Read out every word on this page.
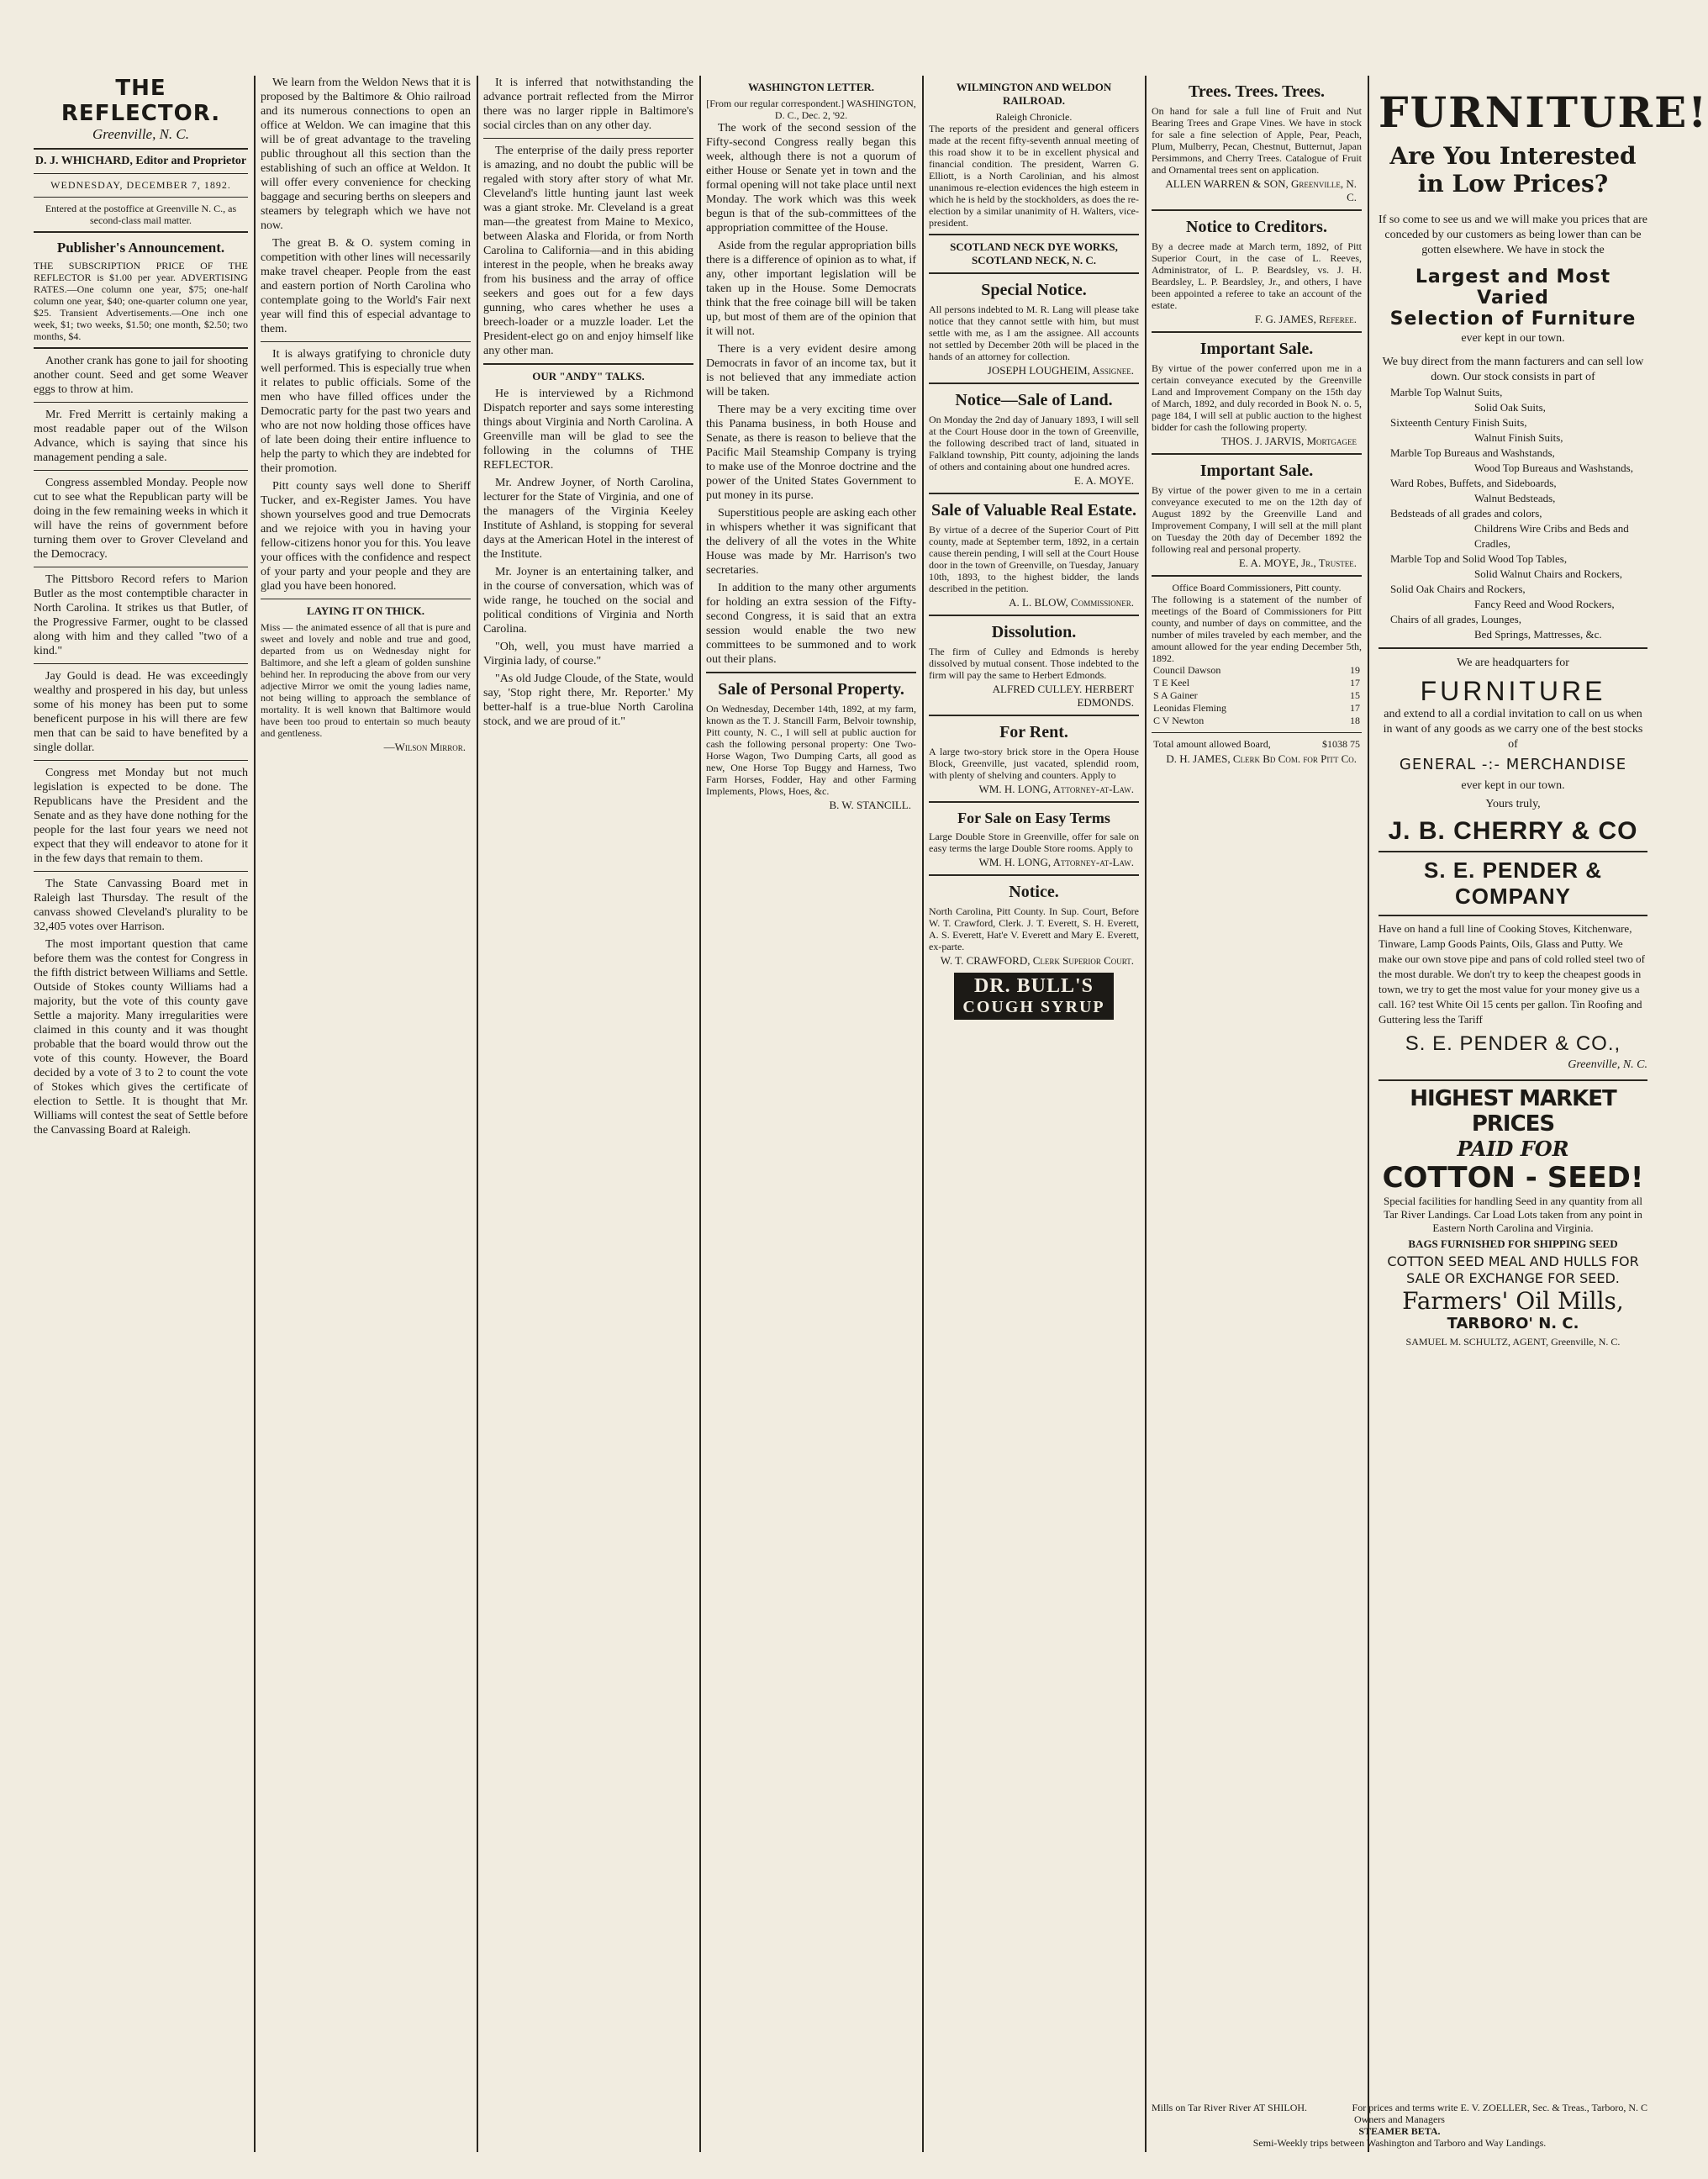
THE REFLECTOR.
Greenville, N. C.
D. J. WHICHARD, Editor and Proprietor
WEDNESDAY, DECEMBER 7, 1892.
Entered at the postoffice at Greenville N. C., as second-class mail matter.
Publisher's Announcement.
THE SUBSCRIPTION PRICE OF THE REFLECTOR is $1.00 per year. ADVERTISING RATES.—One column one year, $75; one-half column one year, $40; one-quarter column one year, $25. Transient Advertisements.—One inch one week, $1; two weeks, $1.50; one month, $2.50; two months, $4.

Another crank has gone to jail for shooting another count. Seed and get some Weaver eggs to throw at him.

Mr. Fred Merritt is certainly making a most readable paper out of the Wilson Advance, which is saying that since his management pending a sale.

Congress assembled Monday. People now cut to see what the Republican party will be doing in the few remaining weeks in which it will have the reins of government before turning them over to Grover Cleveland and the Democracy.

The Pittsboro Record refers to Marion Butler as the most contemptible character in North Carolina. It strikes us that Butler, of the Progressive Farmer, ought to be classed along with him and they called "two of a kind."

Jay Gould is dead. He was exceedingly wealthy and prospered in his day, but unless some of his money has been put to some beneficent purpose in his will there are few men that can be said to have benefited by a single dollar.

Congress met Monday but not much legislation is expected to be done. The Republicans have the President and the Senate and as they have done nothing for the people for the last four years we need not expect that they will endeavor to atone for it in the few days that remain to them.

The State Canvassing Board met in Raleigh last Thursday. The result of the canvass showed Cleveland's plurality to be 32,405 votes over Harrison.

The most important question that came before them was the contest for Congress in the fifth district between Williams and Settle. Outside of Stokes county Williams had a majority, but the vote of this county gave Settle a majority. Many irregularities were claimed in this county and it was thought probable that the board would throw out the vote of this county. However, the Board decided by a vote of 3 to 2 to count the vote of Stokes which gives the certificate of election to Settle. It is thought that Mr. Williams will contest the seat of Settle before the Canvassing Board at Raleigh.

We learn from the Weldon News that it is proposed by the Baltimore & Ohio railroad and its numerous connections to open an office at Weldon. We can imagine that this will be of great advantage to the traveling public throughout all this section than the establishing of such an office at Weldon. It will offer every convenience for checking baggage and securing berths on sleepers and steamers by telegraph which we have not now.

The great B. & O. system coming in competition with other lines will necessarily make travel cheaper. People from the east and eastern portion of North Carolina who contemplate going to the World's Fair next year will find this of especial advantage to them.

It is always gratifying to chronicle duty well performed. This is especially true when it relates to public officials. Some of the men who have filled offices under the Democratic party for the past two years and who are not now holding those offices have of late been doing their entire influence to help the party to which they are indebted for their promotion.

Pitt county says well done to Sheriff Tucker, and ex-Register James. You have shown yourselves good and true Democrats and we rejoice with you in having your fellow-citizens honor you for this. You leave your offices with the confidence and respect of your party and your people and they are glad you have been honored.

LAYING IT ON THICK.
Miss — the animated essence of all that is pure and sweet and lovely and noble and true and good, departed from us on Wednesday night for Baltimore, and she left a gleam of golden sunshine behind her. In reproducing the above from our very adjective Mirror we omit the young ladies name, not being willing to approach the semblance of mortality. It is well known that Baltimore would have been too proud to entertain so much beauty and gentleness.
—Wilson Mirror.

It is inferred that notwithstanding the advance portrait reflected from the Mirror there was no larger ripple in Baltimore's social circles than on any other day.

The enterprise of the daily press reporter is amazing, and no doubt the public will be regaled with story after story of what Mr. Cleveland's little hunting jaunt last week was a giant stroke. Mr. Cleveland is a great man—the greatest from Maine to Mexico, between Alaska and Florida, or from North Carolina to California—and in this abiding interest in the people, when he breaks away from his business and the array of office seekers and goes out for a few days gunning, who cares whether he uses a breech-loader or a muzzle loader. Let the President-elect go on and enjoy himself like any other man.

OUR "ANDY" TALKS.

He is interviewed by a Richmond Dispatch reporter and says some interesting things about Virginia and North Carolina. A Greenville man will be glad to see the following in the columns of THE REFLECTOR.

Mr. Andrew Joyner, of North Carolina, lecturer for the State of Virginia, and one of the managers of the Virginia Keeley Institute of Ashland, is stopping for several days at the American Hotel in the interest of the Institute.

Mr. Joyner is an entertaining talker, and in the course of conversation, which was of wide range, he touched on the social and political conditions of Virginia and North Carolina.

"Oh, well, you must have married a Virginia lady, of course."

"As old Judge Cloude, of the State, would say, 'Stop right there, Mr. Reporter.' My better-half is a true-blue North Carolina stock, and we are proud of it."

WASHINGTON LETTER.
[From our regular correspondent.] WASHINGTON, D. C., Dec. 2, '92.

The work of the second session of the Fifty-second Congress really began this week, although there is not a quorum of either House or Senate yet in town and the formal opening will not take place until next Monday. The work which was this week begun is that of the sub-committees of the appropriation committee of the House.

Aside from the regular appropriation bills there is a difference of opinion as to what, if any, other important legislation will be taken up in the House. Some Democrats think that the free coinage bill will be taken up, but most of them are of the opinion that it will not.

There is a very evident desire among Democrats in favor of an income tax, but it is not believed that any immediate action will be taken.

There may be a very exciting time over this Panama business, in both House and Senate, as there is reason to believe that the Pacific Mail Steamship Company is trying to make use of the Monroe doctrine and the power of the United States Government to put money in its purse.

Superstitious people are asking each other in whispers whether it was significant that the delivery of all the votes in the White House was made by Mr. Harrison's two secretaries.

In addition to the many other arguments for holding an extra session of the Fifty-second Congress, it is said that an extra session would enable the two new committees to be summoned and to work out their plans.

Sale of Personal Property.
On Wednesday, December 14th, 1892, at my farm, known as the T. J. Stancill Farm, Belvoir township, Pitt county, N. C., I will sell at public auction for cash the following personal property: One Two-Horse Wagon, Two Dumping Carts, all good as new, One Horse Top Buggy and Harness, Two Farm Horses, Fodder, Hay and other Farming Implements, Plows, Hoes, &c.
B. W. STANCILL.
WILMINGTON AND WELDON RAILROAD.
Raleigh Chronicle.
The reports of the president and general officers made at the recent fifty-seventh annual meeting of this road show it to be in excellent physical and financial condition. The president, Warren G. Elliott, is a North Carolinian, and his almost unanimous re-election evidences the high esteem in which he is held by the stockholders, as does the re-election by a similar unanimity of H. Walters, vice-president.
SCOTLAND NECK DYE WORKS, SCOTLAND NECK, N. C.
Special Notice.
All persons indebted to M. R. Lang will please take notice that they cannot settle with him, but must settle with me, as I am the assignee. All accounts not settled by December 20th will be placed in the hands of an attorney for collection.
JOSEPH LOUGHEIM, Assignee.
Notice—Sale of Land.
On Monday the 2nd day of January 1893, I will sell at the Court House door in the town of Greenville, the following described tract of land, situated in Falkland township, Pitt county, adjoining the lands of others and containing about one hundred acres.
E. A. MOYE.
Sale of Valuable Real Estate.
By virtue of a decree of the Superior Court of Pitt county, made at September term, 1892, in a certain cause therein pending, I will sell at the Court House door in the town of Greenville, on Tuesday, January 10th, 1893, to the highest bidder, the lands described in the petition.
A. L. BLOW, Commissioner.
Dissolution.
The firm of Culley and Edmonds is hereby dissolved by mutual consent. Those indebted to the firm will pay the same to Herbert Edmonds.
ALFRED CULLEY. HERBERT EDMONDS.
For Rent.
A large two-story brick store in the Opera House Block, Greenville, just vacated, splendid room, with plenty of shelving and counters. Apply to
WM. H. LONG, Attorney-at-Law.
For Sale on Easy Terms
Large Double Store in Greenville, offer for sale on easy terms the large Double Store rooms. Apply to
WM. H. LONG, Attorney-at-Law.
Notice.
North Carolina, Pitt County. In Sup. Court, Before W. T. Crawford, Clerk. J. T. Everett, S. H. Everett, A. S. Everett, Hat'e V. Everett and Mary E. Everett, ex-parte.
W. T. CRAWFORD, Clerk Superior Court.
DR. BULL'S
COUGH SYRUP
Trees. Trees. Trees.
On hand for sale a full line of Fruit and Nut Bearing Trees and Grape Vines. We have in stock for sale a fine selection of Apple, Pear, Peach, Plum, Mulberry, Pecan, Chestnut, Butternut, Japan Persimmons, and Cherry Trees. Catalogue of Fruit and Ornamental trees sent on application.
ALLEN WARREN & SON, Greenville, N. C.
Notice to Creditors.
By a decree made at March term, 1892, of Pitt Superior Court, in the case of L. Reeves, Administrator, of L. P. Beardsley, vs. J. H. Beardsley, L. P. Beardsley, Jr., and others, I have been appointed a referee to take an account of the estate.
F. G. JAMES, Referee.
Important Sale.
By virtue of the power conferred upon me in a certain conveyance executed by the Greenville Land and Improvement Company on the 15th day of March, 1892, and duly recorded in Book N. o. 5, page 184, I will sell at public auction to the highest bidder for cash the following property.
THOS. J. JARVIS, Mortgagee
Important Sale.
By virtue of the power given to me in a certain conveyance executed to me on the 12th day of August 1892 by the Greenville Land and Improvement Company, I will sell at the mill plant on Tuesday the 20th day of December 1892 the following real and personal property.
E. A. MOYE, Jr., Trustee.
Office Board Commissioners, Pitt county.
The following is a statement of the number of meetings of the Board of Commissioners for Pitt county, and number of days on committee, and the number of miles traveled by each member, and the amount allowed for the year ending December 5th, 1892.
Council Dawson	19
T E Keel	17
S A Gainer	15
Leonidas Fleming	17
C V Newton	18
Total amount allowed Board,	$1038 75
D. H. JAMES, Clerk Bd Com. for Pitt Co.
FURNITURE!
Are You Interested in Low Prices?
If so come to see us and we will make you prices that are conceded by our customers as being lower than can be gotten elsewhere. We have in stock the
Largest and Most Varied
Selection of Furniture
ever kept in our town.
We buy direct from the mann facturers and can sell low down. Our stock consists in part of
Marble Top Walnut Suits,
Solid Oak Suits,
Sixteenth Century Finish Suits,
Walnut Finish Suits,
Marble Top Bureaus and Washstands,
Wood Top Bureaus and Washstands,
Ward Robes, Buffets, and Sideboards,
Walnut Bedsteads,
Bedsteads of all grades and colors,
Childrens Wire Cribs and Beds and Cradles,
Marble Top and Solid Wood Top Tables,
Solid Walnut Chairs and Rockers,
Solid Oak Chairs and Rockers,
Fancy Reed and Wood Rockers,
Chairs of all grades, Lounges,
Bed Springs, Mattresses, &c.
We are headquarters for
FURNITURE
and extend to all a cordial invitation to call on us when in want of any goods as we carry one of the best stocks of
GENERAL -:- MERCHANDISE
ever kept in our town.
Yours truly,
J. B. CHERRY & CO
S. E. PENDER & COMPANY
Have on hand a full line of Cooking Stoves, Kitchenware, Tinware, Lamp Goods Paints, Oils, Glass and Putty. We make our own stove pipe and pans of cold rolled steel two of the most durable. We don't try to keep the cheapest goods in town, we try to get the most value for your money give us a call. 16? test White Oil 15 cents per gallon. Tin Roofing and Guttering less the Tariff
S. E. PENDER & CO.,
Greenville, N. C.
HIGHEST MARKET PRICES
PAID FOR
COTTON - SEED!
Special facilities for handling Seed in any quantity from all Tar River Landings. Car Load Lots taken from any point in Eastern North Carolina and Virginia.
BAGS FURNISHED FOR SHIPPING SEED
COTTON SEED MEAL AND HULLS FOR SALE OR EXCHANGE FOR SEED.
Farmers' Oil Mills,
TARBORO' N. C.
SAMUEL M. SCHULTZ, AGENT, Greenville, N. C.
Mills on Tar River River AT SHILOH.	For prices and terms write E. V. ZOELLER, Sec. & Treas., Tarboro, N. C
Owners and Managers
STEAMER BETA.
Semi-Weekly trips between Washington and Tarboro and Way Landings.
